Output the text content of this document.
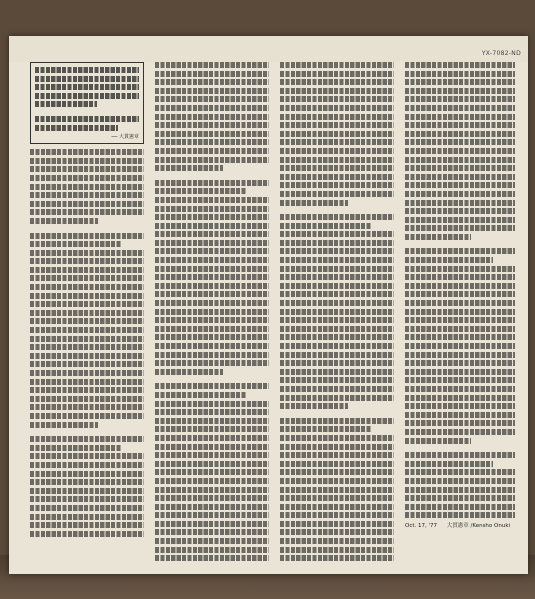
YX-7082-ND
── 大貫憲章
Oct. 17, '77 大貫憲章 /Kensho Onuki
